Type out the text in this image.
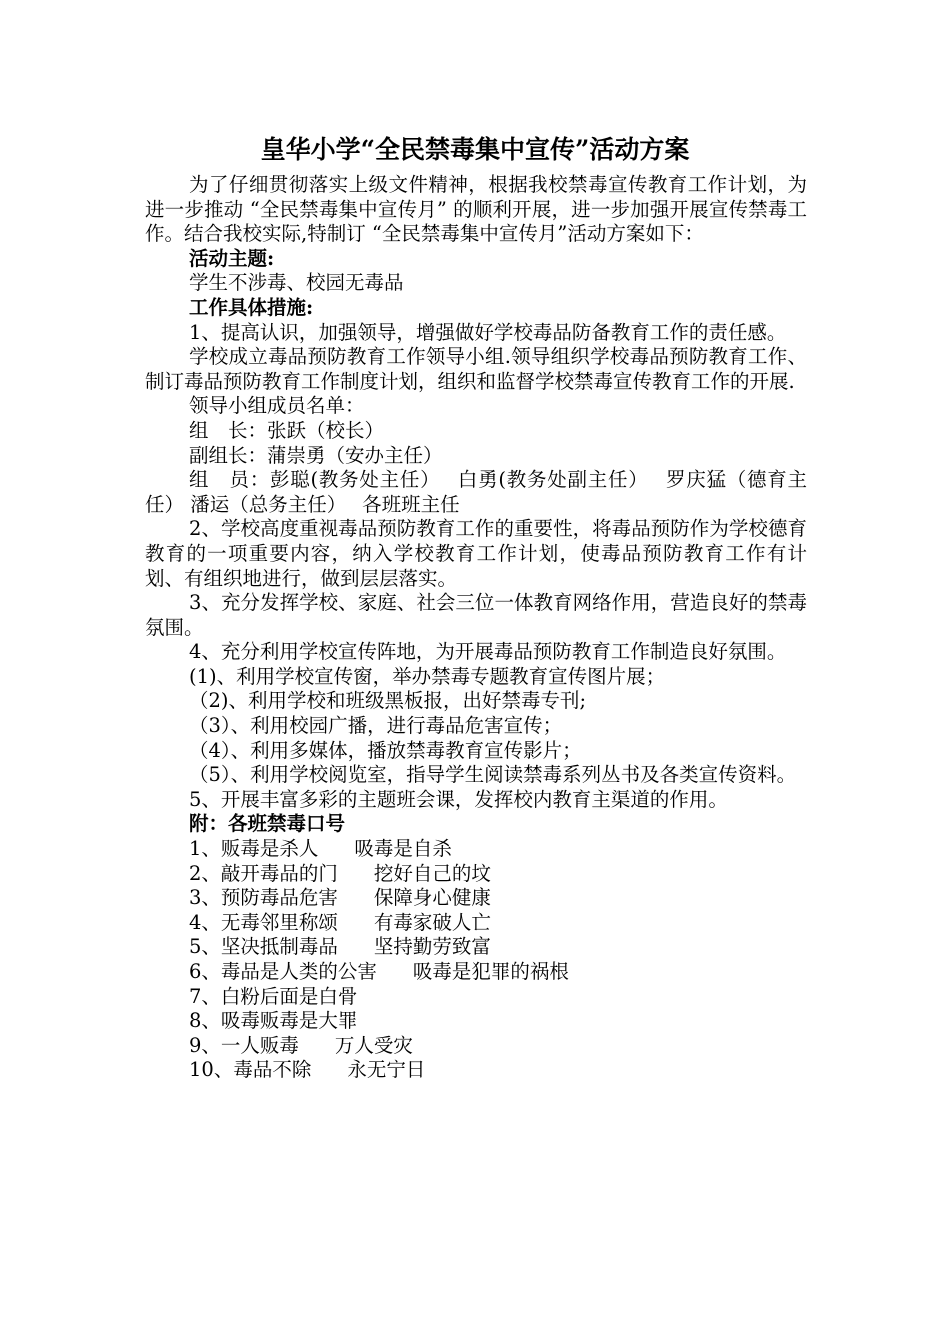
皇华小学“全民禁毒集中宣传”活动方案

为了仔细贯彻落实上级文件精神，根据我校禁毒宣传教育工作计划，为进一步推动 “全民禁毒集中宣传月” 的顺利开展，进一步加强开展宣传禁毒工作。结合我校实际,特制订 “全民禁毒集中宣传月”活动方案如下：

活动主题:

学生不涉毒、校园无毒品

工作具体措施:

1、提高认识，加强领导，增强做好学校毒品防备教育工作的责任感。

学校成立毒品预防教育工作领导小组.领导组织学校毒品预防教育工作、制订毒品预防教育工作制度计划，组织和监督学校禁毒宣传教育工作的开展.

领导小组成员名单：

组　长：张跃（校长）

副组长：蒲崇勇（安办主任）

组　员：彭聪(教务处主任）　 白勇(教务处副主任）　 罗庆猛（德育主任） 潘运（总务主任）　 各班班主任

2、学校高度重视毒品预防教育工作的重要性，将毒品预防作为学校德育教育的一项重要内容，纳入学校教育工作计划，使毒品预防教育工作有计划、有组织地进行，做到层层落实。

3、充分发挥学校、家庭、社会三位一体教育网络作用，营造良好的禁毒氛围。

4、充分利用学校宣传阵地，为开展毒品预防教育工作制造良好氛围。

(1)、利用学校宣传窗，举办禁毒专题教育宣传图片展；

（2)、利用学校和班级黑板报，出好禁毒专刊;

（3）、利用校园广播，进行毒品危害宣传；

（4）、利用多媒体，播放禁毒教育宣传影片；

（5）、利用学校阅览室，指导学生阅读禁毒系列丛书及各类宣传资料。

5、开展丰富多彩的主题班会课，发挥校内教育主渠道的作用。

附：各班禁毒口号

1、贩毒是杀人 吸毒是自杀

2、敲开毒品的门 挖好自己的坟

3、预防毒品危害 保障身心健康

4、无毒邻里称颂 有毒家破人亡

5、坚决抵制毒品 坚持勤劳致富

6、毒品是人类的公害 吸毒是犯罪的祸根

7、白粉后面是白骨

8、吸毒贩毒是大罪

9、一人贩毒 万人受灾

10、毒品不除 永无宁日
